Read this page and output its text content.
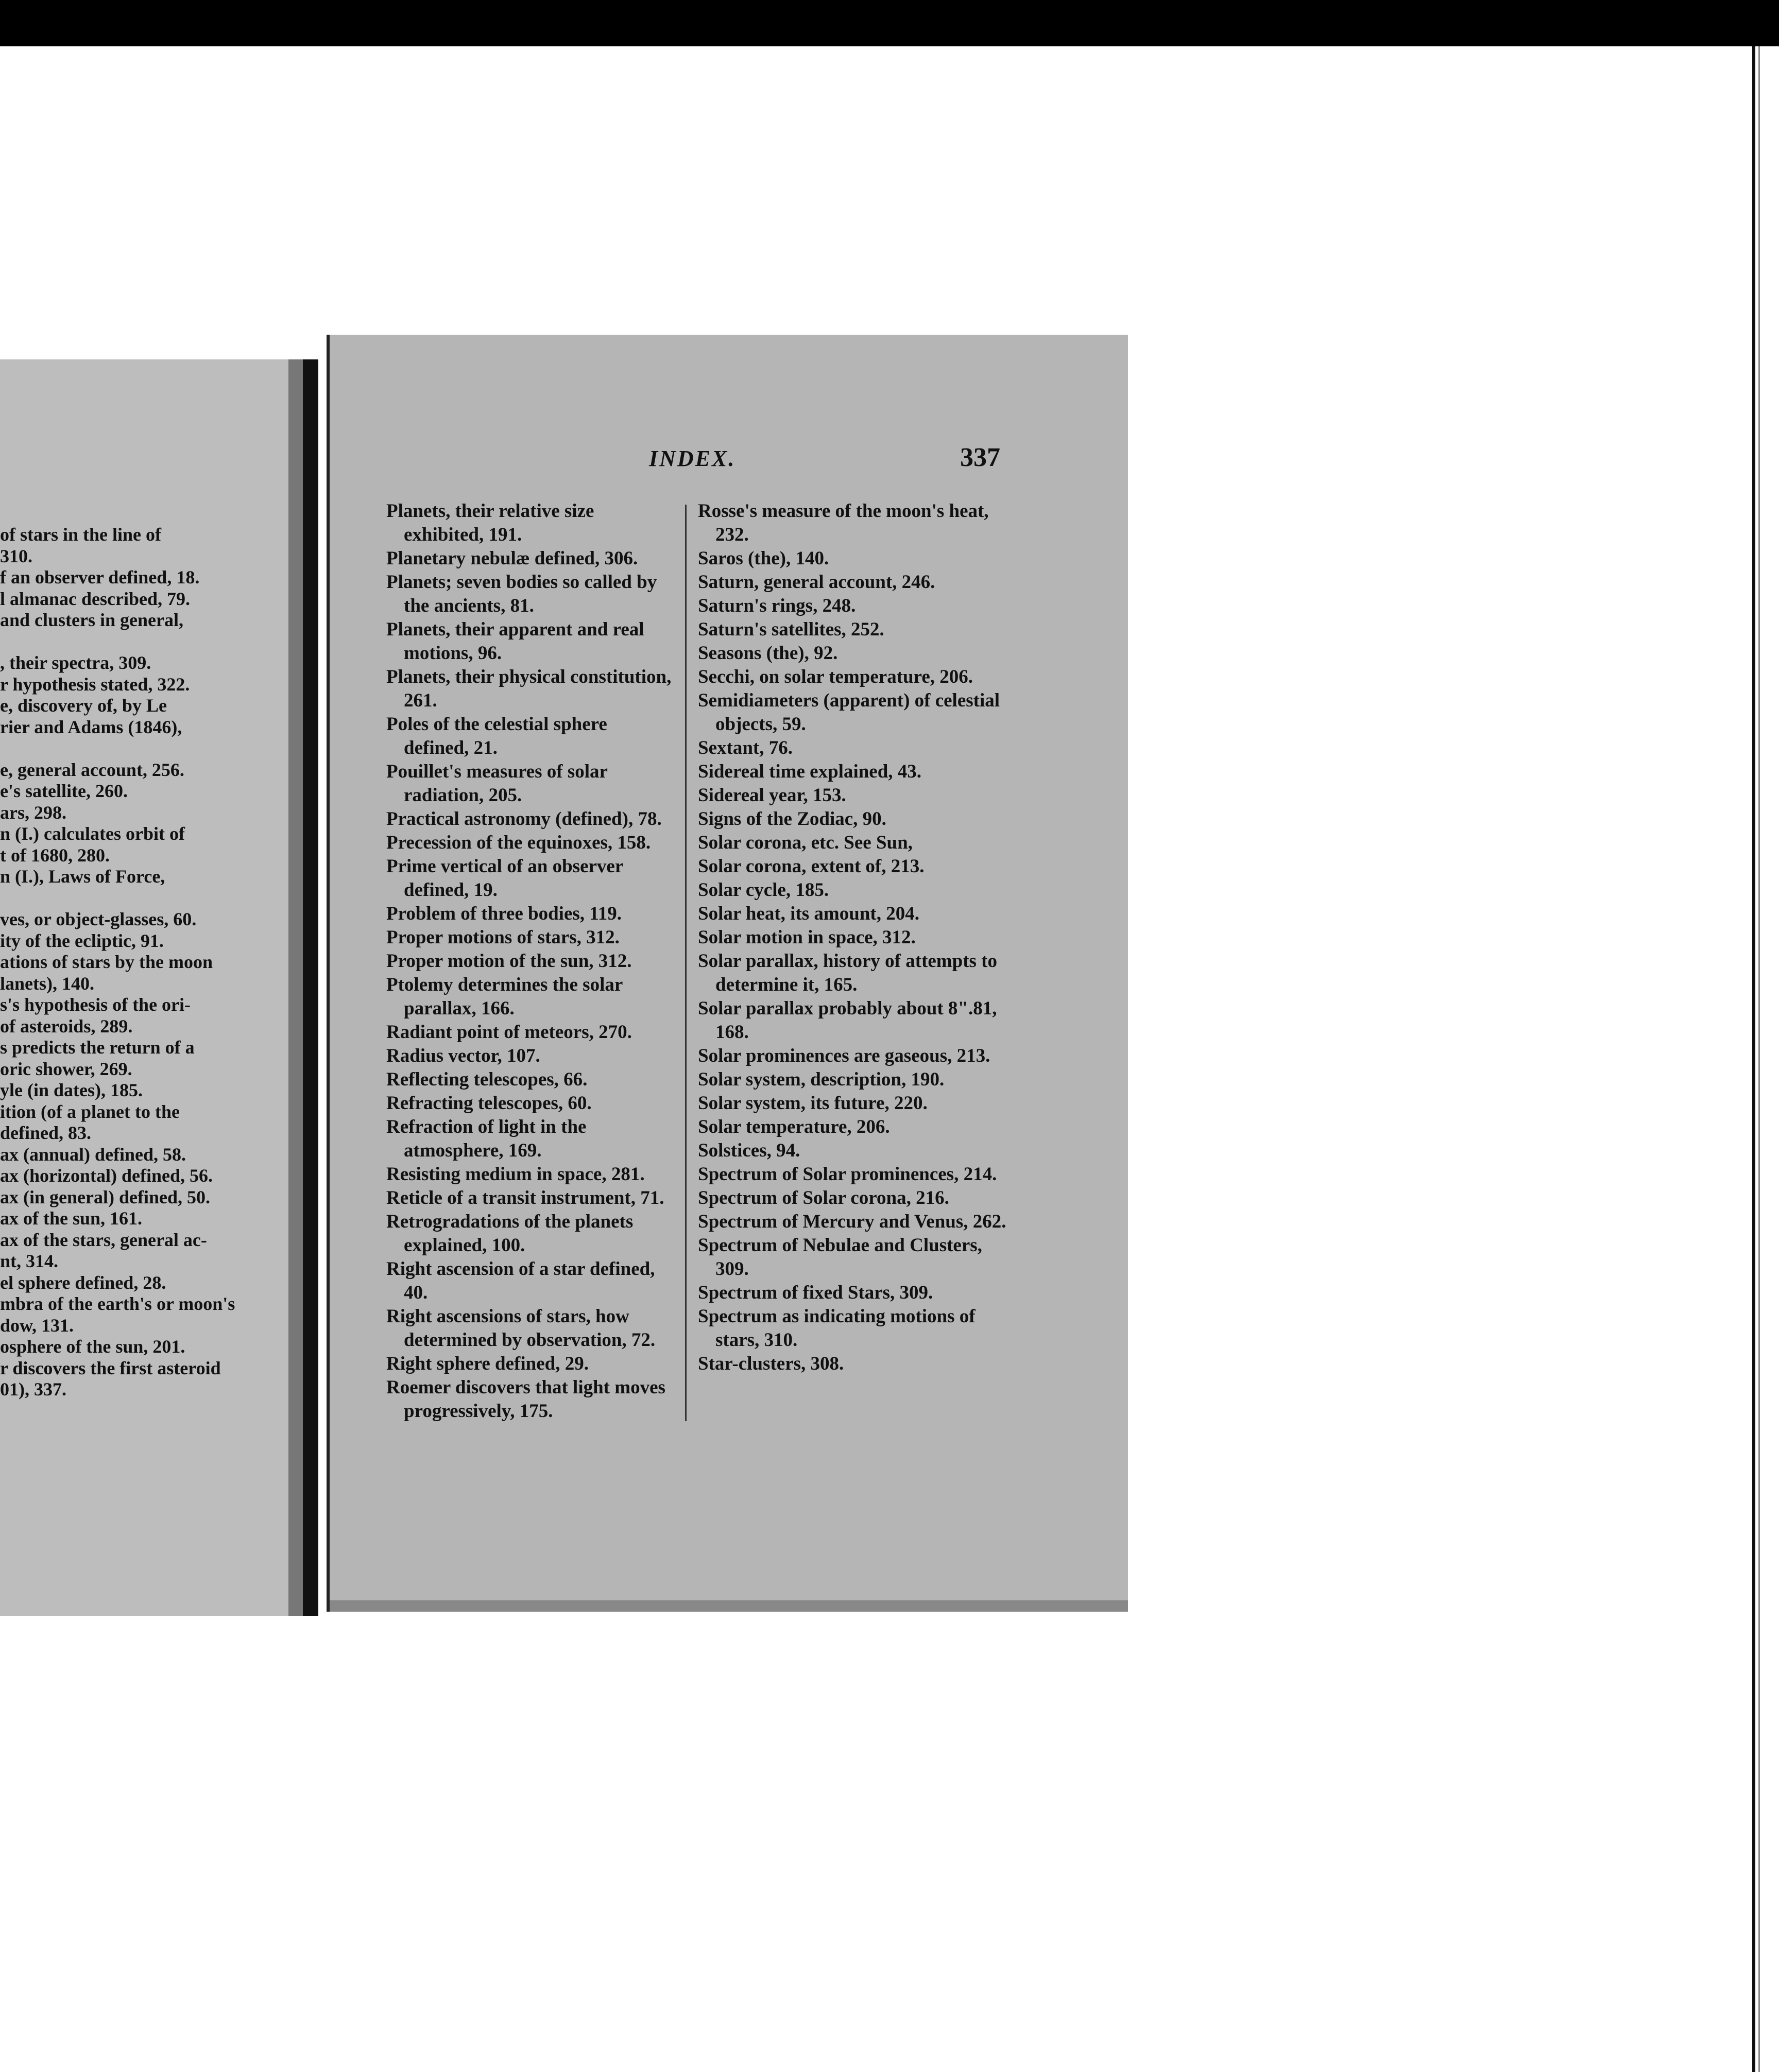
of stars in the line of
310.
f an observer defined, 18.
l almanac described, 79.
and clusters in general,

, their spectra, 309.
r hypothesis stated, 322.
e, discovery of, by Le
rier and Adams (1846),

e, general account, 256.
e's satellite, 260.
ars, 298.
n (I.) calculates orbit of
t of 1680, 280.
n (I.), Laws of Force,

ves, or object-glasses, 60.
ity of the ecliptic, 91.
ations of stars by the moon
lanets), 140.
s's hypothesis of the ori-
of asteroids, 289.
s predicts the return of a
oric shower, 269.
yle (in dates), 185.
ition (of a planet to the
defined, 83.
ax (annual) defined, 58.
ax (horizontal) defined, 56.
ax (in general) defined, 50.
ax of the sun, 161.
ax of the stars, general ac-
nt, 314.
el sphere defined, 28.
mbra of the earth's or moon's
dow, 131.
osphere of the sun, 201.
r discovers the first asteroid
01), 337.
INDEX.	337
Planets, their relative size exhibited, 191.
Planetary nebulæ defined, 306.
Planets; seven bodies so called by the ancients, 81.
Planets, their apparent and real motions, 96.
Planets, their physical constitution, 261.
Poles of the celestial sphere defined, 21.
Pouillet's measures of solar radiation, 205.
Practical astronomy (defined), 78.
Precession of the equinoxes, 158.
Prime vertical of an observer defined, 19.
Problem of three bodies, 119.
Proper motions of stars, 312.
Proper motion of the sun, 312.
Ptolemy determines the solar parallax, 166.
Radiant point of meteors, 270.
Radius vector, 107.
Reflecting telescopes, 66.
Refracting telescopes, 60.
Refraction of light in the atmosphere, 169.
Resisting medium in space, 281.
Reticle of a transit instrument, 71.
Retrogradations of the planets explained, 100.
Right ascension of a star defined, 40.
Right ascensions of stars, how determined by observation, 72.
Right sphere defined, 29.
Roemer discovers that light moves progressively, 175.
Rosse's measure of the moon's heat, 232.
Saros (the), 140.
Saturn, general account, 246.
Saturn's rings, 248.
Saturn's satellites, 252.
Seasons (the), 92.
Secchi, on solar temperature, 206.
Semidiameters (apparent) of celestial objects, 59.
Sextant, 76.
Sidereal time explained, 43.
Sidereal year, 153.
Signs of the Zodiac, 90.
Solar corona, etc. See Sun,
Solar corona, extent of, 213.
Solar cycle, 185.
Solar heat, its amount, 204.
Solar motion in space, 312.
Solar parallax, history of attempts to determine it, 165.
Solar parallax probably about 8".81, 168.
Solar prominences are gaseous, 213.
Solar system, description, 190.
Solar system, its future, 220.
Solar temperature, 206.
Solstices, 94.
Spectrum of Solar prominences, 214.
Spectrum of Solar corona, 216.
Spectrum of Mercury and Venus, 262.
Spectrum of Nebulae and Clusters, 309.
Spectrum of fixed Stars, 309.
Spectrum as indicating motions of stars, 310.
Star-clusters, 308.
